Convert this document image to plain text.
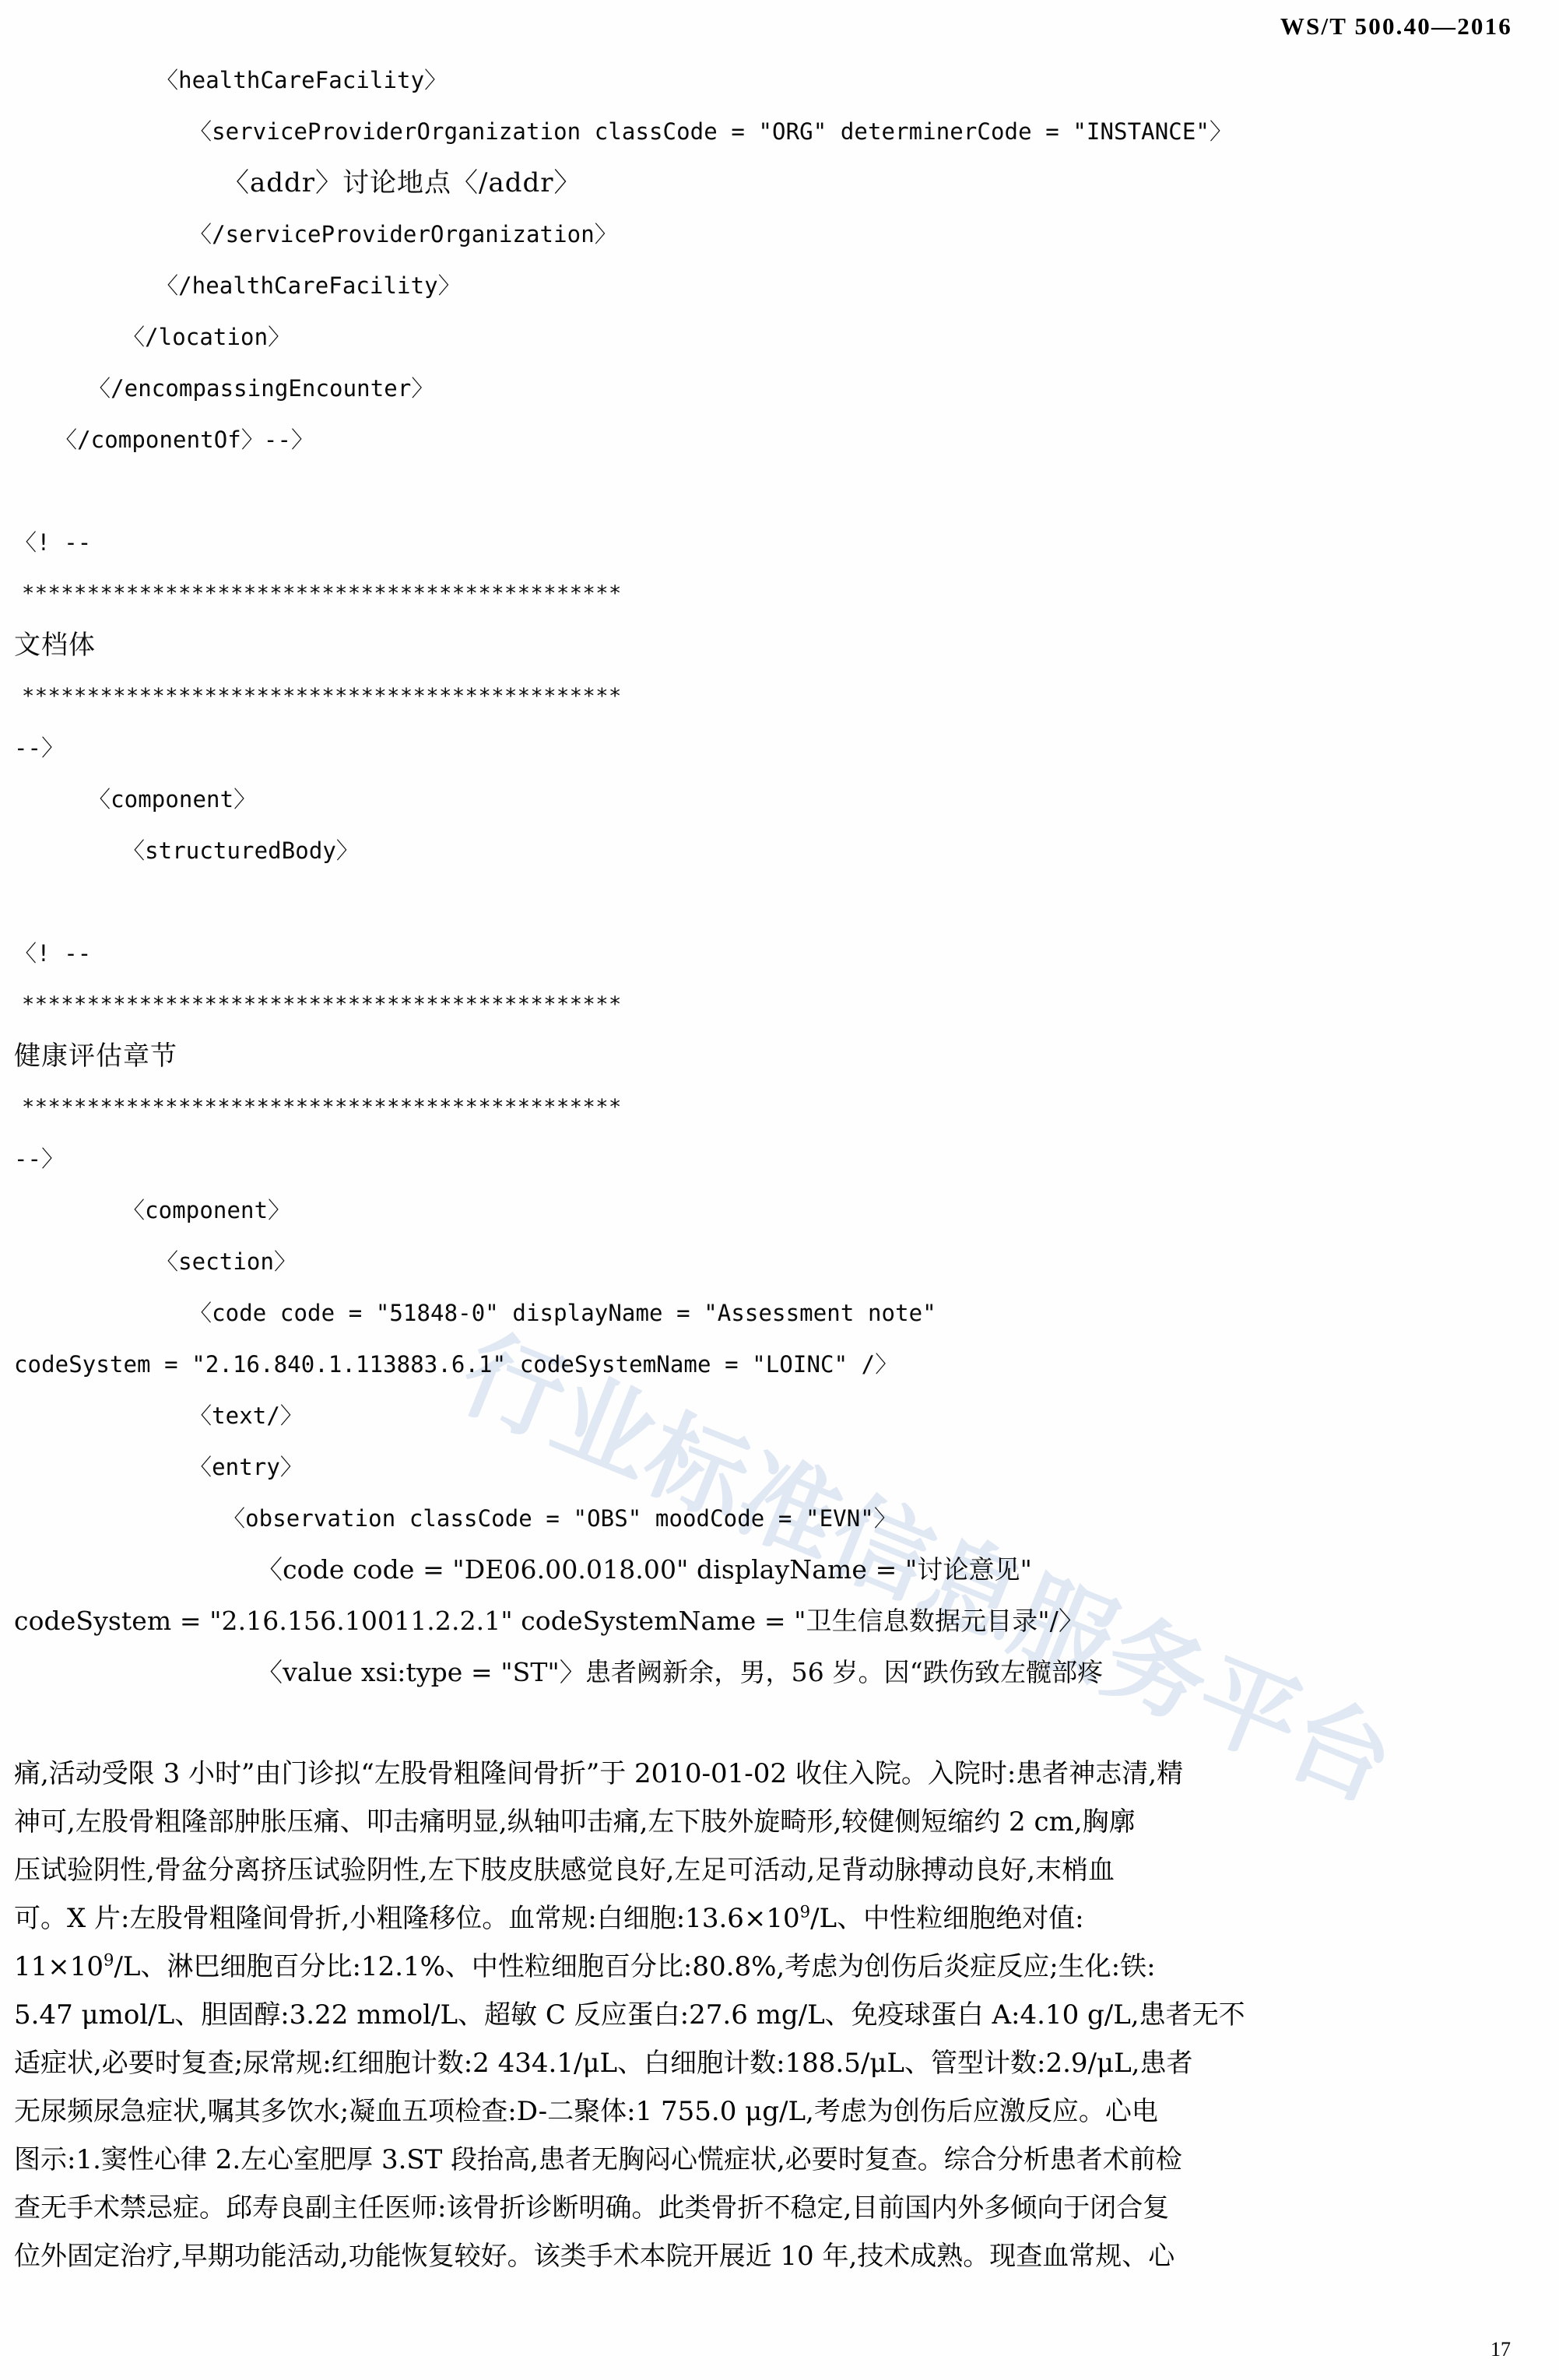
行
业
标
准
信
息
服
务
平
台
WS/T 500.40—2016
〈healthCareFacility〉
〈serviceProviderOrganization classCode = "ORG" determinerCode = "INSTANCE"〉
〈addr〉讨论地点〈/addr〉
〈/serviceProviderOrganization〉
〈/healthCareFacility〉
〈/location〉
〈/encompassingEncounter〉
〈/componentOf〉--〉

〈! --
**********************************************
文档体
**********************************************
--〉
〈component〉
〈structuredBody〉

〈! --
**********************************************
健康评估章节
**********************************************
--〉
〈component〉
〈section〉
〈code code = "51848-0" displayName = "Assessment note"
codeSystem = "2.16.840.1.113883.6.1" codeSystemName = "LOINC" /〉
〈text/〉
〈entry〉
〈observation classCode = "OBS" moodCode = "EVN"〉
〈code code = "DE06.00.018.00" displayName = "讨论意见"
codeSystem = "2.16.156.10011.2.2.1" codeSystemName = "卫生信息数据元目录"/〉
〈value xsi:type = "ST"〉患者阙新余，男，56 岁。因“跌伤致左髋部疼
痛,活动受限 3 小时”由门诊拟“左股骨粗隆间骨折”于 2010-01-02 收住入院。入院时:患者神志清,精
神可,左股骨粗隆部肿胀压痛、叩击痛明显,纵轴叩击痛,左下肢外旋畸形,较健侧短缩约 2 cm,胸廓
压试验阴性,骨盆分离挤压试验阴性,左下肢皮肤感觉良好,左足可活动,足背动脉搏动良好,末梢血
可。X 片:左股骨粗隆间骨折,小粗隆移位。血常规:白细胞$:13.6\times 10^9/L$、中性粒细胞绝对值:
$11\times 10^9/L$、淋巴细胞百分比:12.1%、中性粒细胞百分比:80.8%,考虑为创伤后炎症反应;生化:铁:
5.47 μmol/L、胆固醇:3.22 mmol/L、超敏 C 反应蛋白:27.6 mg/L、免疫球蛋白 A:4.10 g/L,患者无不
适症状,必要时复查;尿常规:红细胞计数:2 434.1/μL、白细胞计数:188.5/μL、管型计数:2.9/μL,患者
无尿频尿急症状,嘱其多饮水;凝血五项检查:D-二聚体:1 755.0 μg/L,考虑为创伤后应激反应。心电
图示:1.窦性心律 2.左心室肥厚 3.ST 段抬高,患者无胸闷心慌症状,必要时复查。综合分析患者术前检
查无手术禁忌症。邱寿良副主任医师:该骨折诊断明确。此类骨折不稳定,目前国内外多倾向于闭合复
位外固定治疗,早期功能活动,功能恢复较好。该类手术本院开展近 10 年,技术成熟。现查血常规、心
17
